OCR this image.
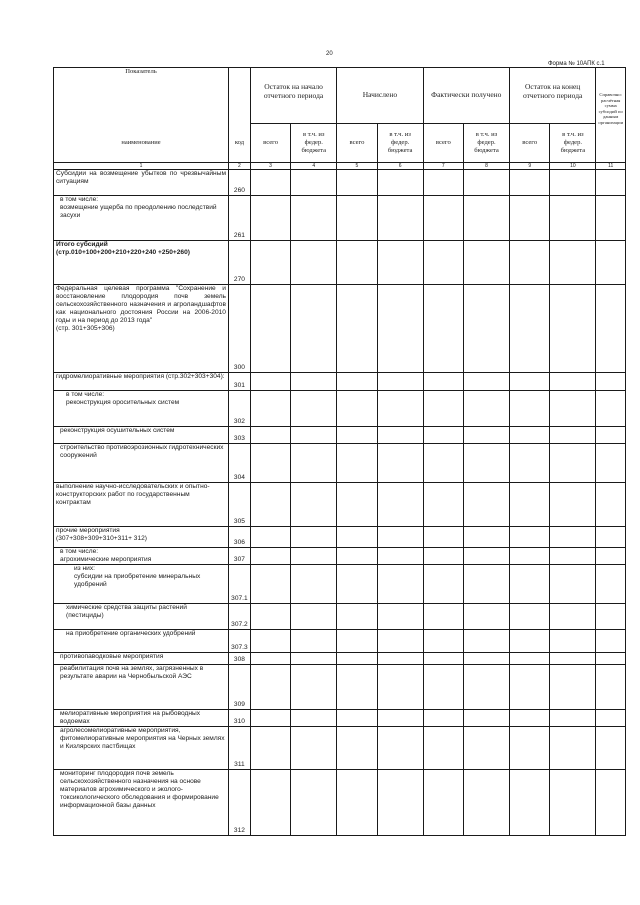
20
Форма № 10АПК с.1
Показатель		Остаток на начало отчетного периода		Начислено		Фактически получено		Остаток на конец отчетного периода		Справочно: расчётная сумма субсидий по данным организации
наименование	код	всего	в т.ч. из федер. бюджета	всего	в т.ч. из федер. бюджета	всего	в т.ч. из федер. бюджета	всего	в т.ч. из федер. бюджета	
1	2	3	4	5	6	7	8	9	10	11
Субсидии на возмещение убытков по чрезвычайным ситуациям	260									
в том числе:
возмещение ущерба по преодолению последствий засухи	261									
Итого субсидий
(стр.010+100+200+210+220+240 +250+260)	270									
Федеральная целевая программа "Сохранение и восстановление плодородия почв земель сельскохозяйственного назначения и агроландшафтов как национального достояния России на 2006-2010 годы и на период до 2013 года"
(стр. 301+305+306)	300									
гидромелиоративные мероприятия (стр.302+303+304):	301									
в том числе:
реконструкция оросительных систем	302									
реконструкция осушительных систем	303									
строительство противоэрозионных гидротехнических сооружений	304									
выполнение научно-исследовательских и опытно-конструкторских работ по государственным контрактам	305									
прочие мероприятия
(307+308+309+310+311+ 312)	306									
в том числе:
агрохимические мероприятия	307									
из них:
субсидии на приобретение минеральных удобрений	307.1									
химические средства защиты растений (пестициды)	307.2									
на приобретение органических удобрений	307.3									
противопаводковые мероприятия	308									
реабилитация почв на землях, загрязненных в результате аварии на Чернобыльской АЭС	309									
мелиоративные мероприятия на рыбоводных водоемах	310									
агролесомелиоративные мероприятия, фитомелиоративные мероприятия на Черных землях и Кизлярских пастбищах	311									
мониторинг плодородия почв земель сельскохозяйственного назначения на основе материалов агрохимического и эколого-токсикологического обследования и формирование информационной базы данных	312									
